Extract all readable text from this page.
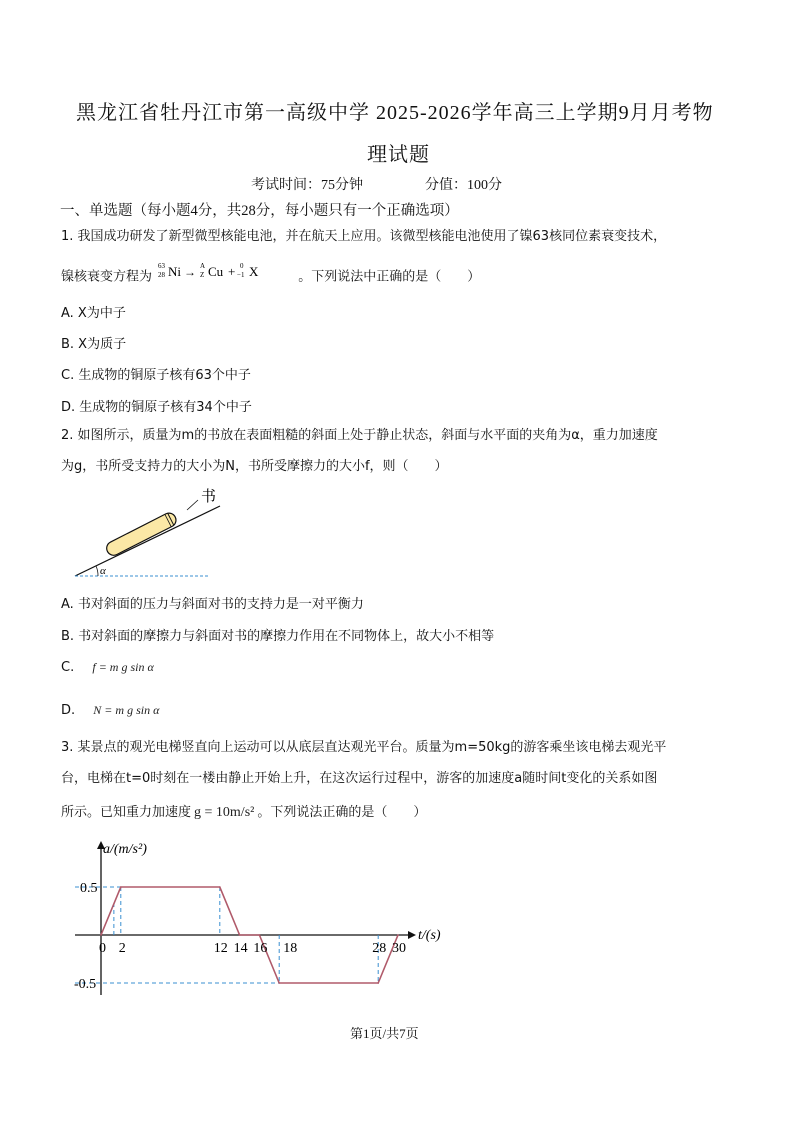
黑龙江省牡丹江市第一高级中学 2025-2026学年高三上学期9月月考物
理试题
考试时间：75分钟	分值：100分
一、单选题（每小题4分，共28分，每小题只有一个正确选项）
1. 我国成功研发了新型微型核能电池，并在航天上应用。该微型核能电池使用了镍63核同位素衰变技术，
镍核衰变方程为
63
28 Ni → A
Z Cu + 0
−1 X	。下列说法中正确的是（　　）
A. X为中子
B. X为质子
C. 生成物的铜原子核有63个中子
D. 生成物的铜原子核有34个中子
2. 如图所示，质量为m的书放在表面粗糙的斜面上处于静止状态，斜面与水平面的夹角为α，重力加速度
为g，书所受支持力的大小为N，书所受摩擦力的大小f，则（　　）
α
书
A. 书对斜面的压力与斜面对书的支持力是一对平衡力
B. 书对斜面的摩擦力与斜面对书的摩擦力作用在不同物体上，故大小不相等
C. f = m g sin α
D. N = m g sin α
3. 某景点的观光电梯竖直向上运动可以从底层直达观光平台。质量为m=50kg的游客乘坐该电梯去观光平
台，电梯在t=0时刻在一楼由静止开始上升，在这次运行过程中，游客的加速度a随时间t变化的关系如图
所示。已知重力加速度 g = 10m/s² 。下列说法正确的是（　　）
a/(m/s²)
t/(s)
0 2	12 14 16 18	28 30
0.5
-0.5
第1页/共7页
